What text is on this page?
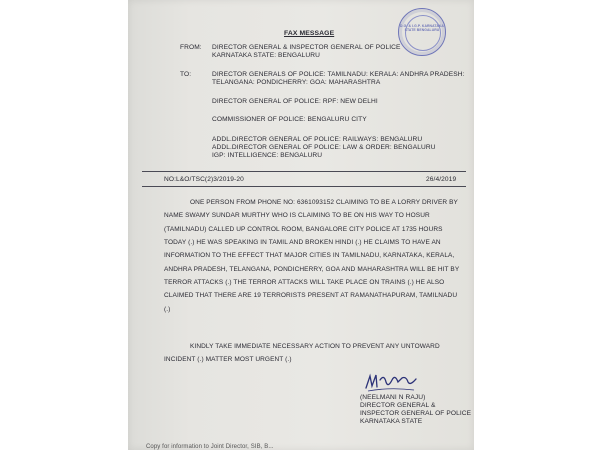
D.G. & I.G.P. KARNATAKA STATE BENGALURU
FAX MESSAGE
FROM: DIRECTOR GENERAL & INSPECTOR GENERAL OF POLICE
KARNATAKA STATE: BENGALURU
TO:	DIRECTOR GENERALS OF POLICE: TAMILNADU: KERALA: ANDHRA PRADESH:
TELANGANA: PONDICHERRY: GOA: MAHARASHTRA
DIRECTOR GENERAL OF POLICE: RPF: NEW DELHI
COMMISSIONER OF POLICE: BENGALURU CITY
ADDL.DIRECTOR GENERAL OF POLICE: RAILWAYS: BENGALURU
ADDL.DIRECTOR GENERAL OF POLICE: LAW & ORDER: BENGALURU
IGP: INTELLIGENCE: BENGALURU
NO:L&O/TSC(2)3/2019-20	26/4/2019
ONE PERSON FROM PHONE NO: 6361093152 CLAIMING TO BE A LORRY DRIVER BY
NAME SWAMY SUNDAR MURTHY WHO IS CLAIMING TO BE ON HIS WAY TO HOSUR
(TAMILNADU) CALLED UP CONTROL ROOM, BANGALORE CITY POLICE AT 1735 HOURS
TODAY (.) HE WAS SPEAKING IN TAMIL AND BROKEN HINDI (.) HE CLAIMS TO HAVE AN
INFORMATION TO THE EFFECT THAT MAJOR CITIES IN TAMILNADU, KARNATAKA, KERALA,
ANDHRA PRADESH, TELANGANA, PONDICHERRY, GOA AND MAHARASHTRA WILL BE HIT BY
TERROR ATTACKS (.) THE TERROR ATTACKS WILL TAKE PLACE ON TRAINS (.) HE ALSO
CLAIMED THAT THERE ARE 19 TERRORISTS PRESENT AT RAMANATHAPURAM, TAMILNADU
(.)
KINDLY TAKE IMMEDIATE NECESSARY ACTION TO PREVENT ANY UNTOWARD
INCIDENT (.) MATTER MOST URGENT (.)
(NEELMANI N RAJU)
DIRECTOR GENERAL &
INSPECTOR GENERAL OF POLICE
KARNATAKA STATE
Copy for information to Joint Director, SIB, B...
